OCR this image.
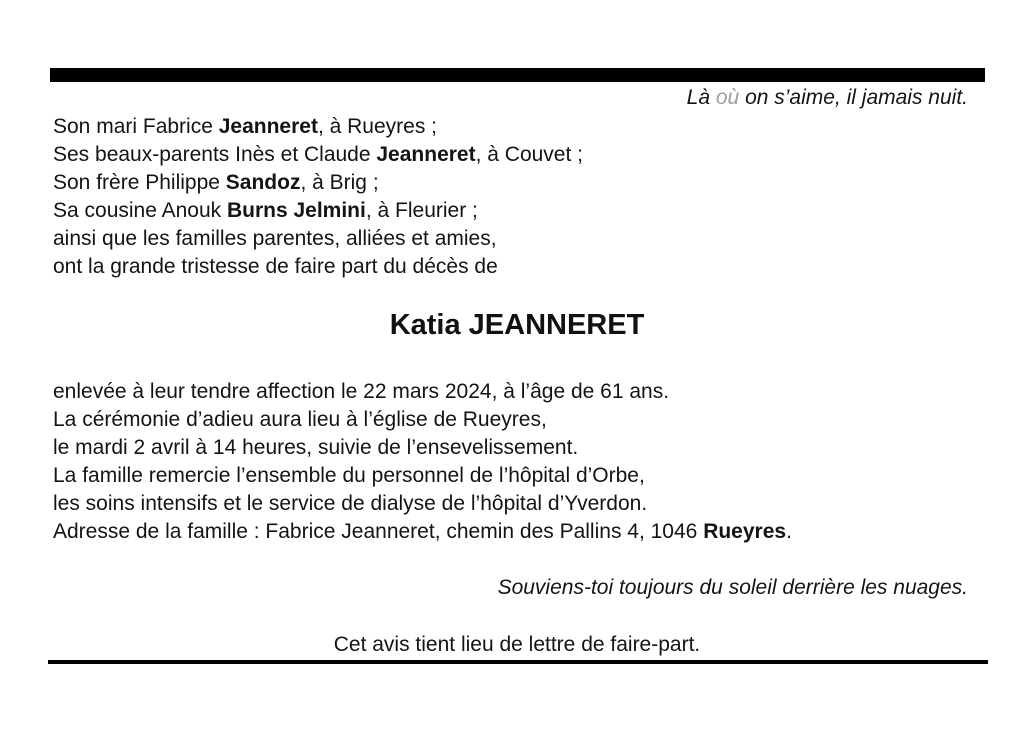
Là où on s’aime, il jamais nuit.
Son mari Fabrice Jeanneret, à Rueyres ;
Ses beaux-parents Inès et Claude Jeanneret, à Couvet ;
Son frère Philippe Sandoz, à Brig ;
Sa cousine Anouk Burns Jelmini, à Fleurier ;
ainsi que les familles parentes, alliées et amies,
ont la grande tristesse de faire part du décès de
Katia JEANNERET
enlevée à leur tendre affection le 22 mars 2024, à l’âge de 61 ans.
La cérémonie d’adieu aura lieu à l’église de Rueyres,
le mardi 2 avril à 14 heures, suivie de l’ensevelissement.
La famille remercie l’ensemble du personnel de l’hôpital d’Orbe,
les soins intensifs et le service de dialyse de l’hôpital d’Yverdon.
Adresse de la famille : Fabrice Jeanneret, chemin des Pallins 4, 1046 Rueyres.
Souviens-toi toujours du soleil derrière les nuages.
Cet avis tient lieu de lettre de faire-part.
